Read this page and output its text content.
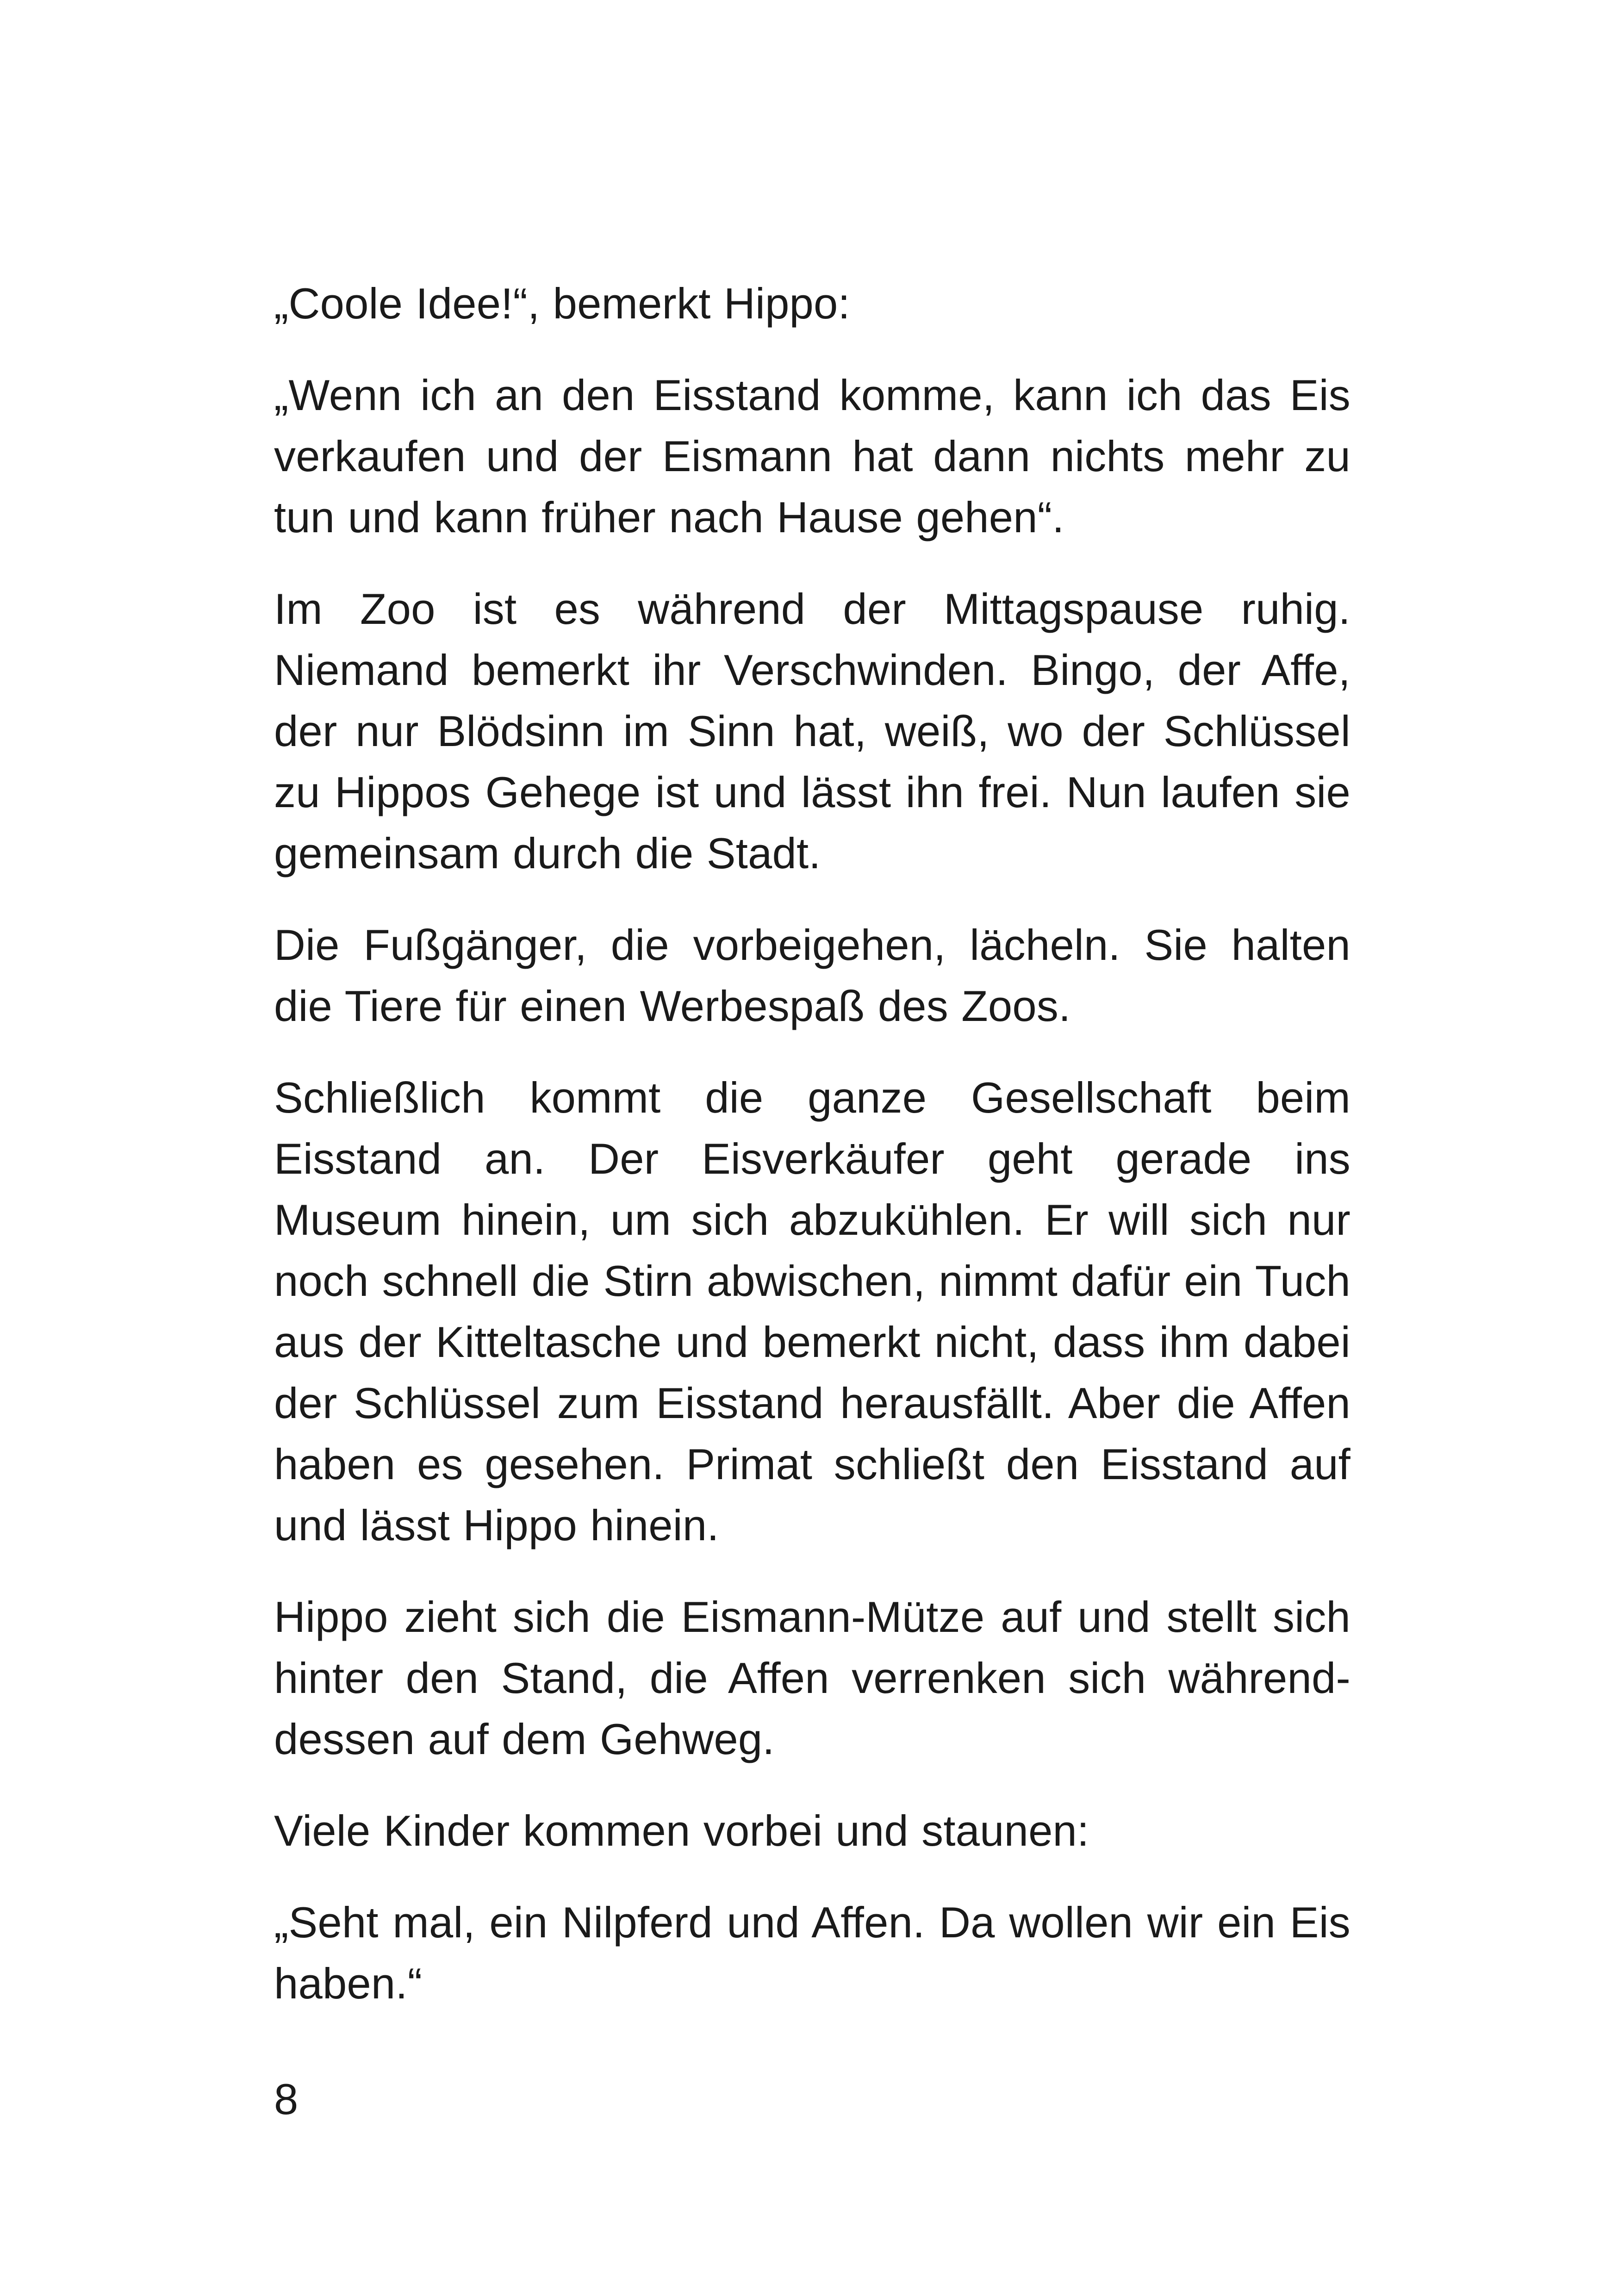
„Coole Idee!“, bemerkt Hippo:

„Wenn ich an den Eisstand komme, kann ich das Eis verkaufen und der Eismann hat dann nichts mehr zu tun und kann früher nach Hause gehen“.

Im Zoo ist es während der Mittagspause ruhig. Niemand bemerkt ihr Verschwinden. Bingo, der Affe, der nur Blödsinn im Sinn hat, weiß, wo der Schlüssel zu Hippos Gehege ist und lässt ihn frei. Nun laufen sie gemeinsam durch die Stadt.

Die Fußgänger, die vorbeigehen, lächeln. Sie halten die Tiere für einen Werbespaß des Zoos.

Schließlich kommt die ganze Gesellschaft beim Eisstand an. Der Eisverkäufer geht gerade ins Museum hinein, um sich abzukühlen. Er will sich nur noch schnell die Stirn abwischen, nimmt dafür ein Tuch aus der Kitteltasche und bemerkt nicht, dass ihm dabei der Schlüssel zum Eisstand herausfällt. Aber die Affen haben es gesehen. Primat schließt den Eisstand auf und lässt Hippo hinein.

Hippo zieht sich die Eismann-Mütze auf und stellt sich hinter den Stand, die Affen verrenken sich während-dessen auf dem Gehweg.

Viele Kinder kommen vorbei und staunen:

„Seht mal, ein Nilpferd und Affen. Da wollen wir ein Eis haben.“

8
